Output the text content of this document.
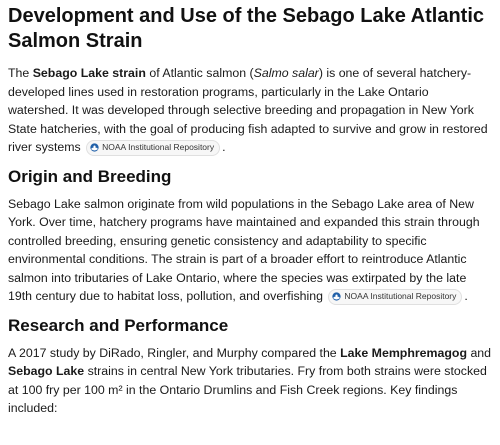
Development and Use of the Sebago Lake Atlantic Salmon Strain

The Sebago Lake strain of Atlantic salmon (Salmo salar) is one of several hatchery-developed lines used in restoration programs, particularly in the Lake Ontario watershed. It was developed through selective breeding and propagation in New York State hatcheries, with the goal of producing fish adapted to survive and grow in restored river systems	NOAA Institutional Repository .

Origin and Breeding

Sebago Lake salmon originate from wild populations in the Sebago Lake area of New York. Over time, hatchery programs have maintained and expanded this strain through controlled breeding, ensuring genetic consistency and adaptability to specific environmental conditions. The strain is part of a broader effort to reintroduce Atlantic salmon into tributaries of Lake Ontario, where the species was extirpated by the late 19th century due to habitat loss, pollution, and overfishing	NOAA Institutional Repository .

Research and Performance

A 2017 study by DiRado, Ringler, and Murphy compared the Lake Memphremagog and Sebago Lake strains in central New York tributaries. Fry from both strains were stocked at 100 fry per 100 m² in the Ontario Drumlins and Fish Creek regions. Key findings included:
